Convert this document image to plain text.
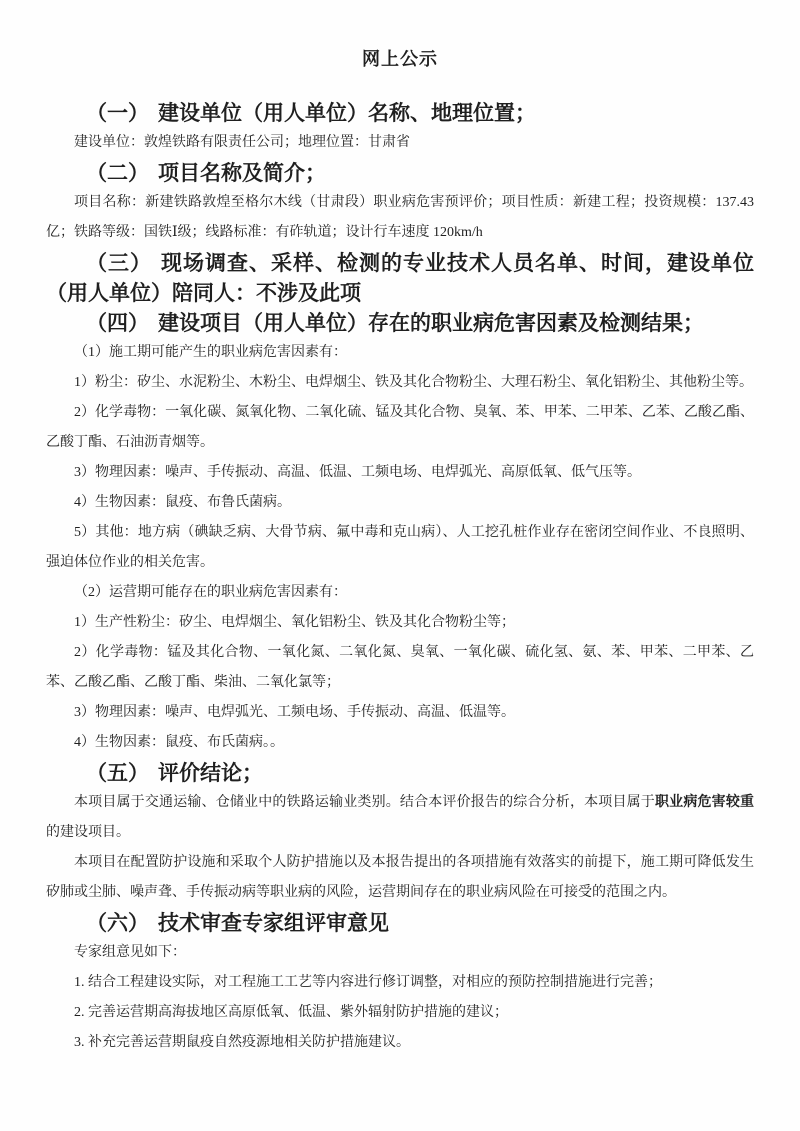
网上公示
（一） 建设单位（用人单位）名称、地理位置；

建设单位：敦煌铁路有限责任公司；地理位置：甘肃省

（二） 项目名称及简介；

项目名称：新建铁路敦煌至格尔木线（甘肃段）职业病危害预评价；项目性质：新建工程；投资规模：137.43亿；铁路等级：国铁Ⅰ级；线路标准：有砟轨道；设计行车速度 120km/h

（三） 现场调查、采样、检测的专业技术人员名单、时间，建设单位（用人单位）陪同人：不涉及此项
（四） 建设项目（用人单位）存在的职业病危害因素及检测结果；

（1）施工期可能产生的职业病危害因素有：

1）粉尘：矽尘、水泥粉尘、木粉尘、电焊烟尘、铁及其化合物粉尘、大理石粉尘、氧化铝粉尘、其他粉尘等。

2）化学毒物：一氧化碳、氮氧化物、二氧化硫、锰及其化合物、臭氧、苯、甲苯、二甲苯、乙苯、乙酸乙酯、乙酸丁酯、石油沥青烟等。

3）物理因素：噪声、手传振动、高温、低温、工频电场、电焊弧光、高原低氧、低气压等。

4）生物因素：鼠疫、布鲁氏菌病。

5）其他：地方病（碘缺乏病、大骨节病、氟中毒和克山病）、人工挖孔桩作业存在密闭空间作业、不良照明、强迫体位作业的相关危害。

（2）运营期可能存在的职业病危害因素有：

1）生产性粉尘：矽尘、电焊烟尘、氧化铝粉尘、铁及其化合物粉尘等；

2）化学毒物：锰及其化合物、一氧化氮、二氧化氮、臭氧、一氧化碳、硫化氢、氨、苯、甲苯、二甲苯、乙苯、乙酸乙酯、乙酸丁酯、柴油、二氧化氯等；

3）物理因素：噪声、电焊弧光、工频电场、手传振动、高温、低温等。

4）生物因素：鼠疫、布氏菌病。。

（五） 评价结论；

本项目属于交通运输、仓储业中的铁路运输业类别。结合本评价报告的综合分析，本项目属于职业病危害较重的建设项目。

本项目在配置防护设施和采取个人防护措施以及本报告提出的各项措施有效落实的前提下，施工期可降低发生矽肺或尘肺、噪声聋、手传振动病等职业病的风险，运营期间存在的职业病风险在可接受的范围之内。

（六） 技术审查专家组评审意见

专家组意见如下：

1. 结合工程建设实际，对工程施工工艺等内容进行修订调整，对相应的预防控制措施进行完善；

2. 完善运营期高海拔地区高原低氧、低温、紫外辐射防护措施的建议；

3. 补充完善运营期鼠疫自然疫源地相关防护措施建议。
